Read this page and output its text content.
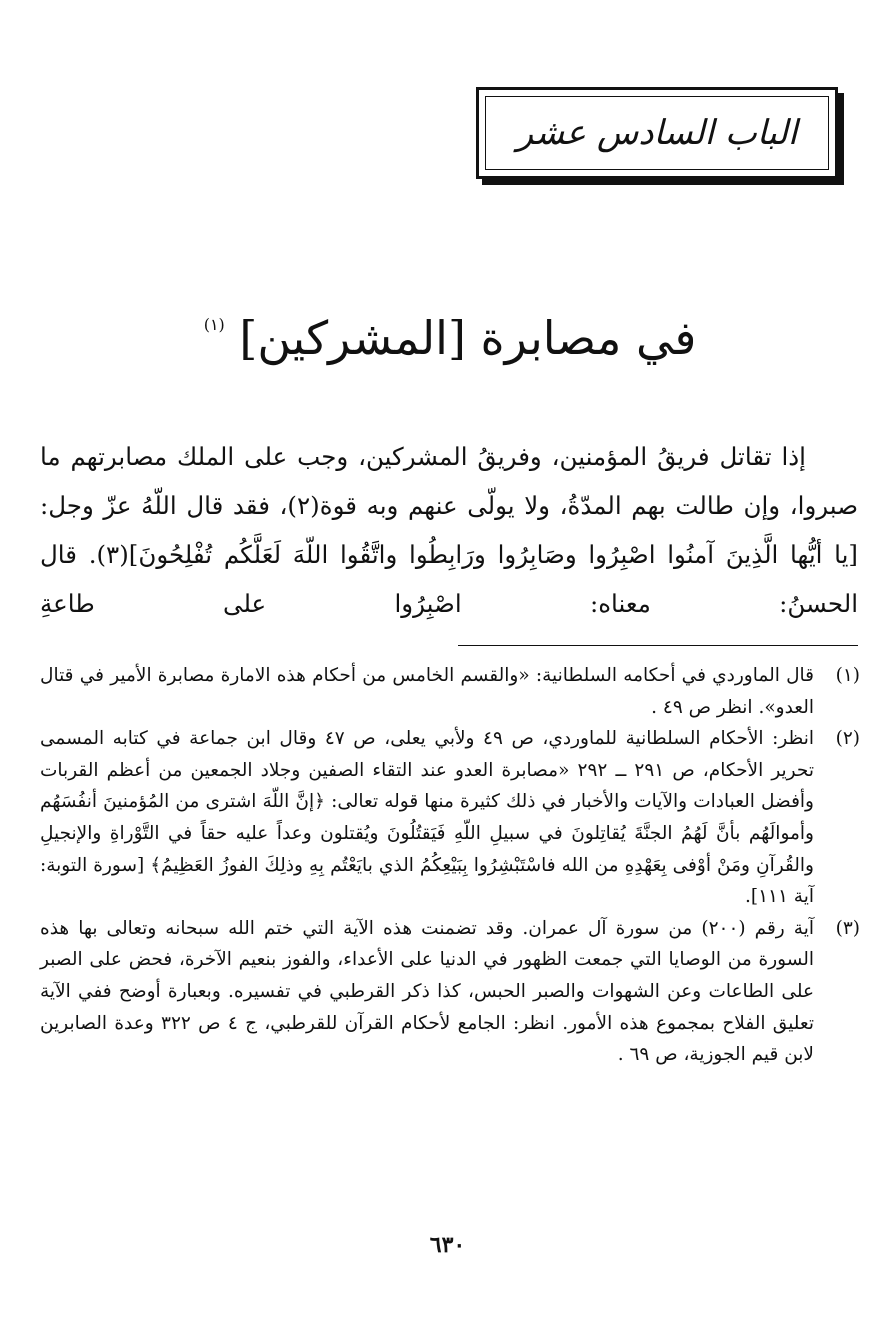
الباب السادس عشر
في مصابرة [المشركين] $^{(١)}$

إذا تقاتل فريقُ المؤمنين، وفريقُ المشركين، وجب على الملك مصابرتهم ما صبروا، وإن طالت بهم المدّةُ، ولا يولّى عنهم وبه قوة(٢)، فقد قال اللّهُ عزّ وجل: [يا أيُّها الَّذِينَ آمنُوا اصْبِرُوا وصَابِرُوا ورَابِطُوا واتَّقُوا اللّهَ لَعَلَّكُم تُفْلِحُونَ](٣). قال الحسنُ: معناه: اصْبِرُوا على طاعةِ

(١)
قال الماوردي في أحكامه السلطانية: «والقسم الخامس من أحكام هذه الامارة مصابرة الأمير في قتال العدو». انظر ص ٤٩ .

(٢)
انظر: الأحكام السلطانية للماوردي، ص ٤٩ ولأبي يعلى، ص ٤٧ وقال ابن جماعة في كتابه المسمى تحرير الأحكام، ص ٢٩١ ــ ٢٩٢ «مصابرة العدو عند التقاء الصفين وجلاد الجمعين من أعظم القربات وأفضل العبادات والآيات والأخبار في ذلك كثيرة منها قوله تعالى: ﴿إنَّ اللّهَ اشترى من المُؤمنينَ أنفُسَهُم وأموالَهُم بأنَّ لَهُمُ الجنَّةَ يُقاتِلونَ في سبيلِ اللّهِ فَيَقتُلُونَ ويُقتلون وعداً عليه حقاً في التَّوْراةِ والإنجيلِ والقُرآنِ ومَنْ أوْفى بِعَهْدِهِ من الله فاسْتَبْشِرُوا بِبَيْعِكُمُ الذي بايَعْتُم بِهِ وذلِكَ الفوزُ العَظِيمُ﴾ [سورة التوبة: آية ١١١].

(٣)
آية رقم (٢٠٠) من سورة آل عمران. وقد تضمنت هذه الآية التي ختم الله سبحانه وتعالى بها هذه السورة من الوصايا التي جمعت الظهور في الدنيا على الأعداء، والفوز بنعيم الآخرة، فحض على الصبر على الطاعات وعن الشهوات والصبر الحبس، كذا ذكر القرطبي في تفسيره. وبعبارة أوضح ففي الآية تعليق الفلاح بمجموع هذه الأمور. انظر: الجامع لأحكام القرآن للقرطبي، ج ٤ ص ٣٢٢ وعدة الصابرين لابن قيم الجوزية، ص ٦٩ .

٦٣٠
